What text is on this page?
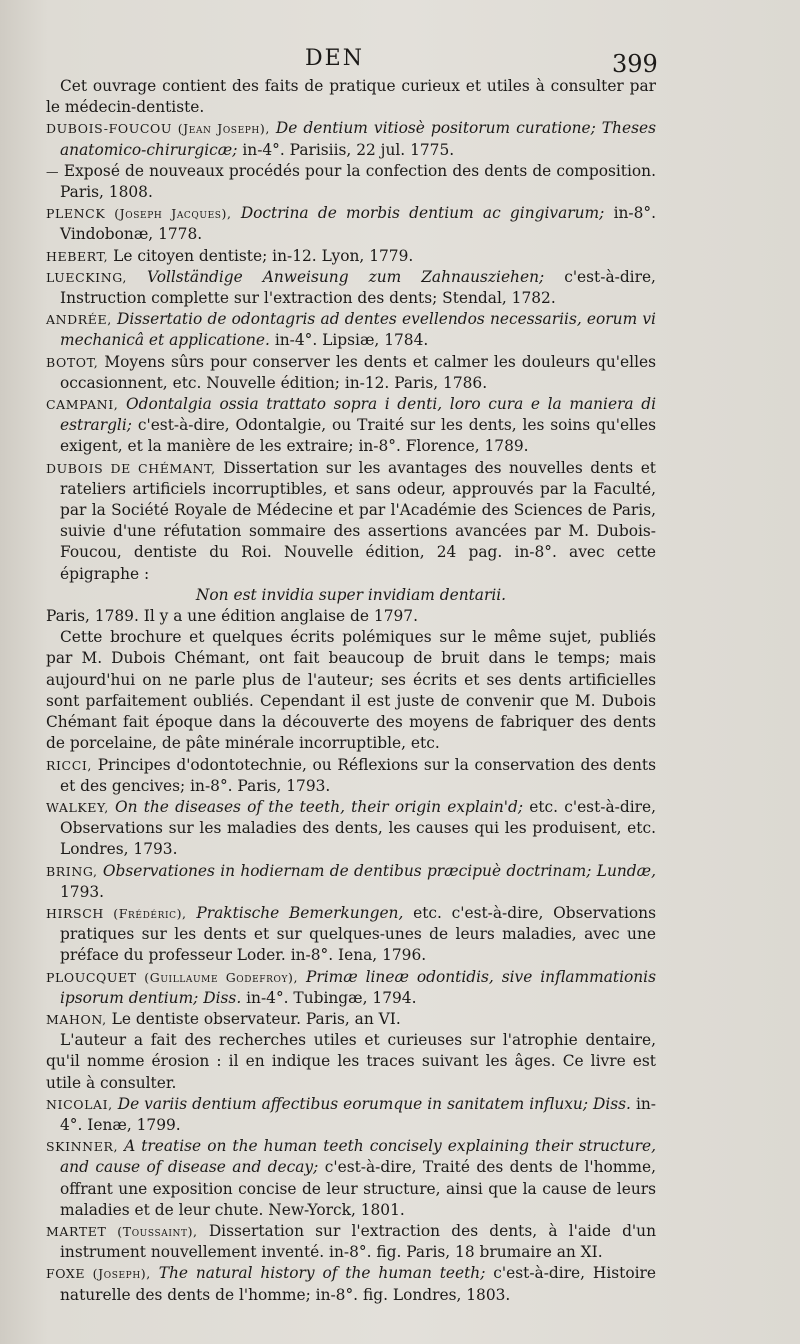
DEN	399

Cet ouvrage contient des faits de pratique curieux et utiles à consulter par le médecin-dentiste.

DUBOIS-FOUCOU (Jean Joseph), De dentium vitiosè positorum curatione; Theses anatomico-chirurgicæ; in-4°. Parisiis, 22 jul. 1775.

— Exposé de nouveaux procédés pour la confection des dents de composition. Paris, 1808.

PLENCK (Joseph Jacques), Doctrina de morbis dentium ac gingivarum; in-8°. Vindobonæ, 1778.

HEBERT, Le citoyen dentiste; in-12. Lyon, 1779.

LUECKING, Vollständige Anweisung zum Zahnausziehen; c'est-à-dire, Instruction complette sur l'extraction des dents; Stendal, 1782.

ANDRÉE, Dissertatio de odontagris ad dentes evellendos necessariis, eorum vi mechanicâ et applicatione. in-4°. Lipsiæ, 1784.

BOTOT, Moyens sûrs pour conserver les dents et calmer les douleurs qu'elles occasionnent, etc. Nouvelle édition; in-12. Paris, 1786.

CAMPANI, Odontalgia ossia trattato sopra i denti, loro cura e la maniera di estrargli; c'est-à-dire, Odontalgie, ou Traité sur les dents, les soins qu'elles exigent, et la manière de les extraire; in-8°. Florence, 1789.

DUBOIS DE CHÉMANT, Dissertation sur les avantages des nouvelles dents et rateliers artificiels incorruptibles, et sans odeur, approuvés par la Faculté, par la Société Royale de Médecine et par l'Académie des Sciences de Paris, suivie d'une réfutation sommaire des assertions avancées par M. Dubois-Foucou, dentiste du Roi. Nouvelle édition, 24 pag. in-8°. avec cette épigraphe :

Non est invidia super invidiam dentarii.

Paris, 1789. Il y a une édition anglaise de 1797.

Cette brochure et quelques écrits polémiques sur le même sujet, publiés par M. Dubois Chémant, ont fait beaucoup de bruit dans le temps; mais aujourd'hui on ne parle plus de l'auteur; ses écrits et ses dents artificielles sont parfaitement oubliés. Cependant il est juste de convenir que M. Dubois Chémant fait époque dans la découverte des moyens de fabriquer des dents de porcelaine, de pâte minérale incorruptible, etc.

RICCI, Principes d'odontotechnie, ou Réflexions sur la conservation des dents et des gencives; in-8°. Paris, 1793.

WALKEY, On the diseases of the teeth, their origin explain'd; etc. c'est-à-dire, Observations sur les maladies des dents, les causes qui les produisent, etc. Londres, 1793.

BRING, Observationes in hodiernam de dentibus præcipuè doctrinam; Lundæ, 1793.

HIRSCH (Frédéric), Praktische Bemerkungen, etc. c'est-à-dire, Observations pratiques sur les dents et sur quelques-unes de leurs maladies, avec une préface du professeur Loder. in-8°. Iena, 1796.

PLOUCQUET (Guillaume Godefroy), Primæ lineæ odontidis, sive inflammationis ipsorum dentium; Diss. in-4°. Tubingæ, 1794.

MAHON, Le dentiste observateur. Paris, an VI.

L'auteur a fait des recherches utiles et curieuses sur l'atrophie dentaire, qu'il nomme érosion : il en indique les traces suivant les âges. Ce livre est utile à consulter.

NICOLAI, De variis dentium affectibus eorumque in sanitatem influxu; Diss. in-4°. Ienæ, 1799.

SKINNER, A treatise on the human teeth concisely explaining their structure, and cause of disease and decay; c'est-à-dire, Traité des dents de l'homme, offrant une exposition concise de leur structure, ainsi que la cause de leurs maladies et de leur chute. New-Yorck, 1801.

MARTET (Toussaint), Dissertation sur l'extraction des dents, à l'aide d'un instrument nouvellement inventé. in-8°. fig. Paris, 18 brumaire an XI.

FOXE (Joseph), The natural history of the human teeth; c'est-à-dire, Histoire naturelle des dents de l'homme; in-8°. fig. Londres, 1803.
